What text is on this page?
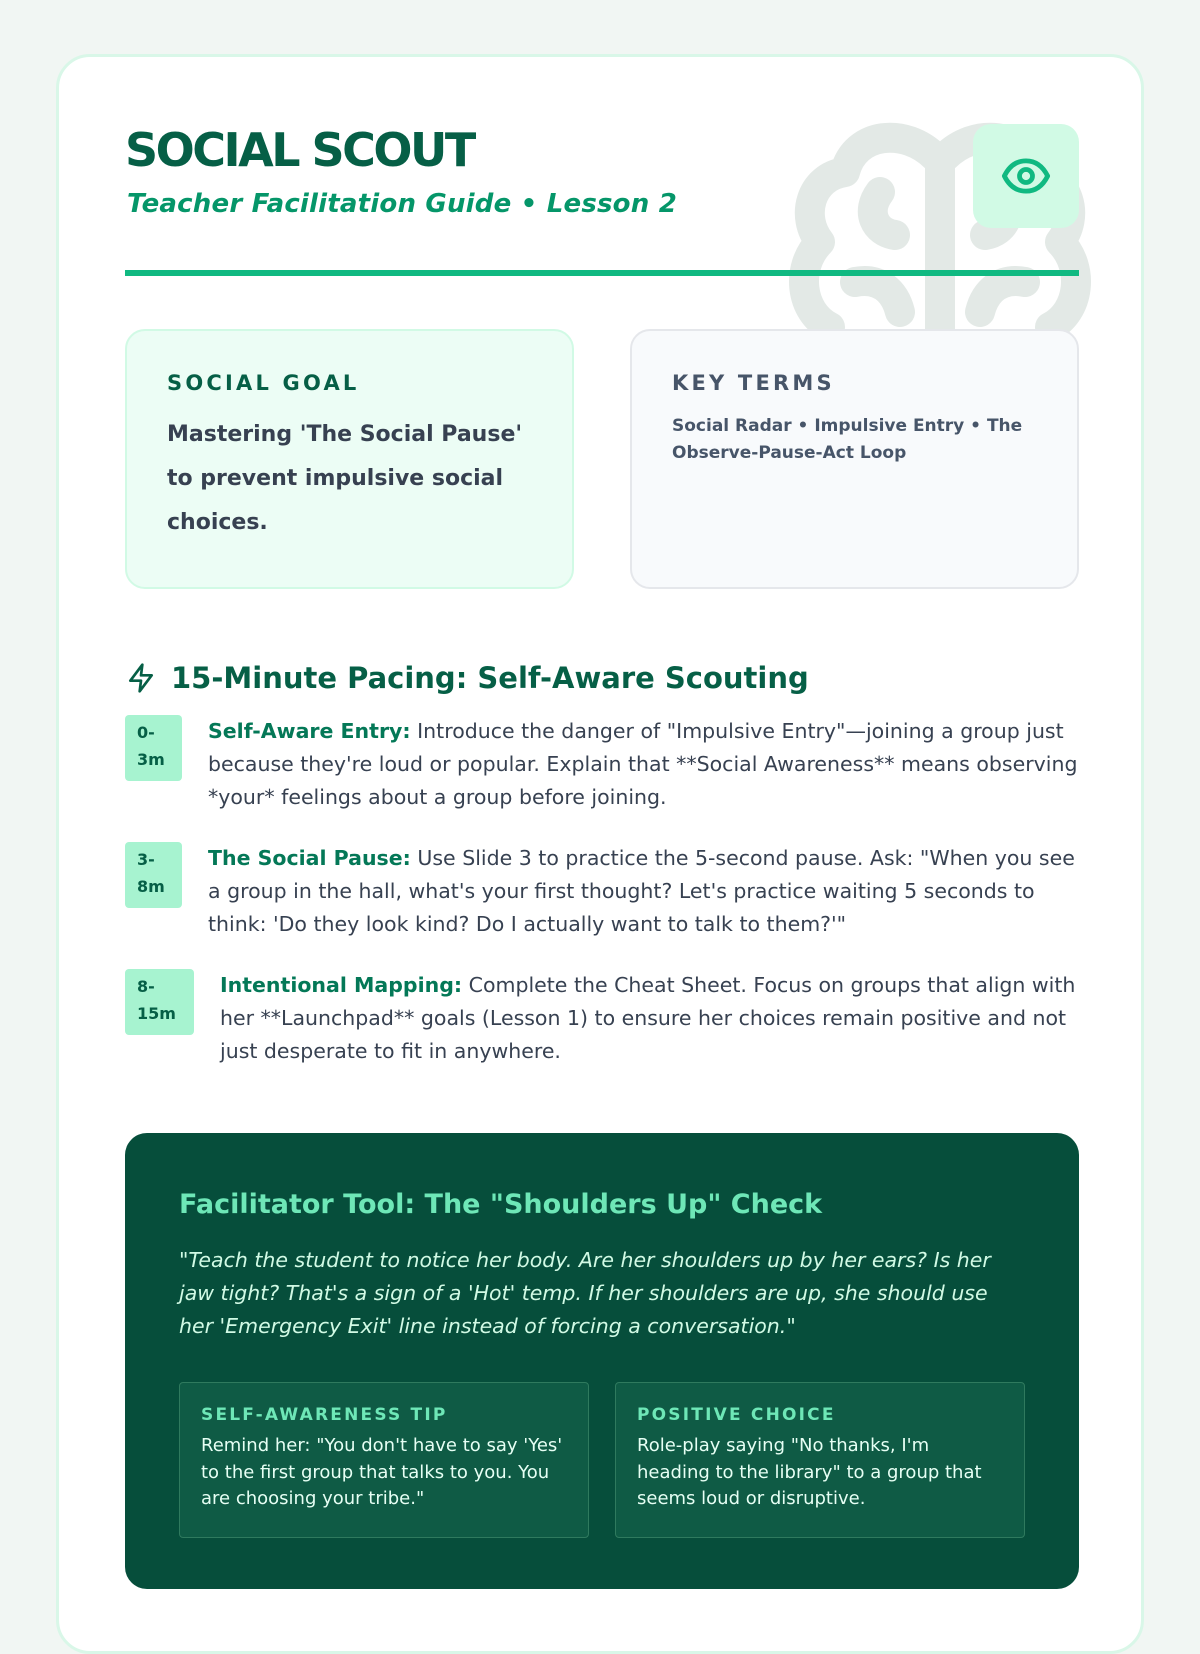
SOCIAL SCOUT
Teacher Facilitation Guide • Lesson 2
SOCIAL GOAL
Mastering 'The Social Pause' to prevent impulsive social choices.
KEY TERMS
Social Radar • Impulsive Entry • The Observe-Pause-Act Loop
15-Minute Pacing: Self-Aware Scouting
0-3m
Self-Aware Entry: Introduce the danger of "Impulsive Entry"—joining a group just because they're loud or popular. Explain that **Social Awareness** means observing *your* feelings about a group before joining.
3-8m
The Social Pause: Use Slide 3 to practice the 5-second pause. Ask: "When you see a group in the hall, what's your first thought? Let's practice waiting 5 seconds to think: 'Do they look kind? Do I actually want to talk to them?'"
8-15m
Intentional Mapping: Complete the Cheat Sheet. Focus on groups that align with her **Launchpad** goals (Lesson 1) to ensure her choices remain positive and not just desperate to fit in anywhere.
Facilitator Tool: The "Shoulders Up" Check
"Teach the student to notice her body. Are her shoulders up by her ears? Is her jaw tight? That's a sign of a 'Hot' temp. If her shoulders are up, she should use her 'Emergency Exit' line instead of forcing a conversation."
SELF-AWARENESS TIP
Remind her: "You don't have to say 'Yes' to the first group that talks to you. You are choosing your tribe."
POSITIVE CHOICE
Role-play saying "No thanks, I'm heading to the library" to a group that seems loud or disruptive.
